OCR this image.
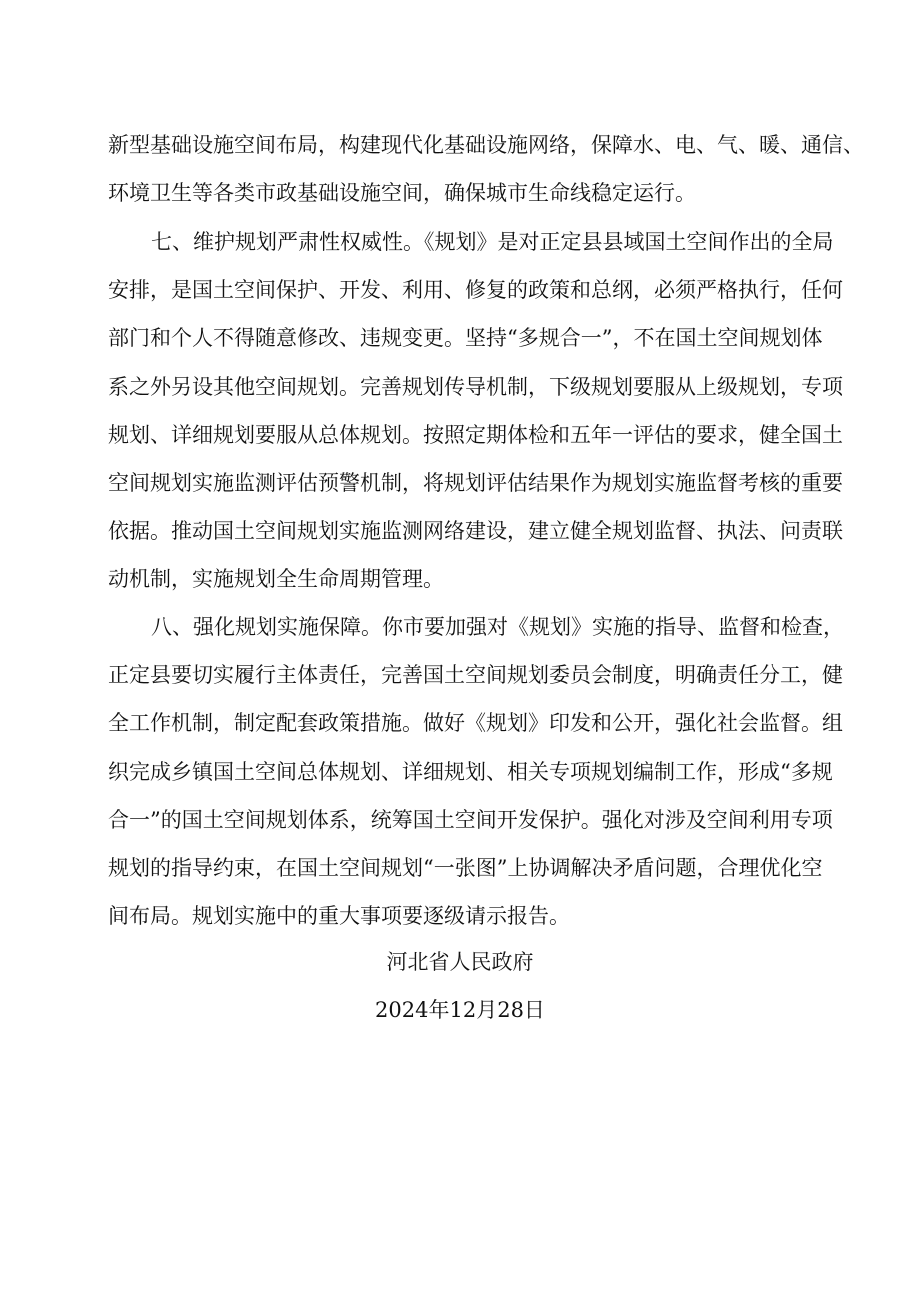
新型基础设施空间布局，构建现代化基础设施网络，保障水、电、气、暖、通信、
环境卫生等各类市政基础设施空间，确保城市生命线稳定运行。
七、维护规划严肃性权威性。《规划》是对正定县县域国土空间作出的全局
安排，是国土空间保护、开发、利用、修复的政策和总纲，必须严格执行，任何
部门和个人不得随意修改、违规变更。坚持“多规合一”，不在国土空间规划体
系之外另设其他空间规划。完善规划传导机制，下级规划要服从上级规划，专项
规划、详细规划要服从总体规划。按照定期体检和五年一评估的要求，健全国土
空间规划实施监测评估预警机制，将规划评估结果作为规划实施监督考核的重要
依据。推动国土空间规划实施监测网络建设，建立健全规划监督、执法、问责联
动机制，实施规划全生命周期管理。
八、强化规划实施保障。你市要加强对《规划》实施的指导、监督和检查，
正定县要切实履行主体责任，完善国土空间规划委员会制度，明确责任分工，健
全工作机制，制定配套政策措施。做好《规划》印发和公开，强化社会监督。组
织完成乡镇国土空间总体规划、详细规划、相关专项规划编制工作，形成“多规
合一”的国土空间规划体系，统筹国土空间开发保护。强化对涉及空间利用专项
规划的指导约束，在国土空间规划“一张图”上协调解决矛盾问题，合理优化空
间布局。规划实施中的重大事项要逐级请示报告。
河北省人民政府
2024年12月28日
